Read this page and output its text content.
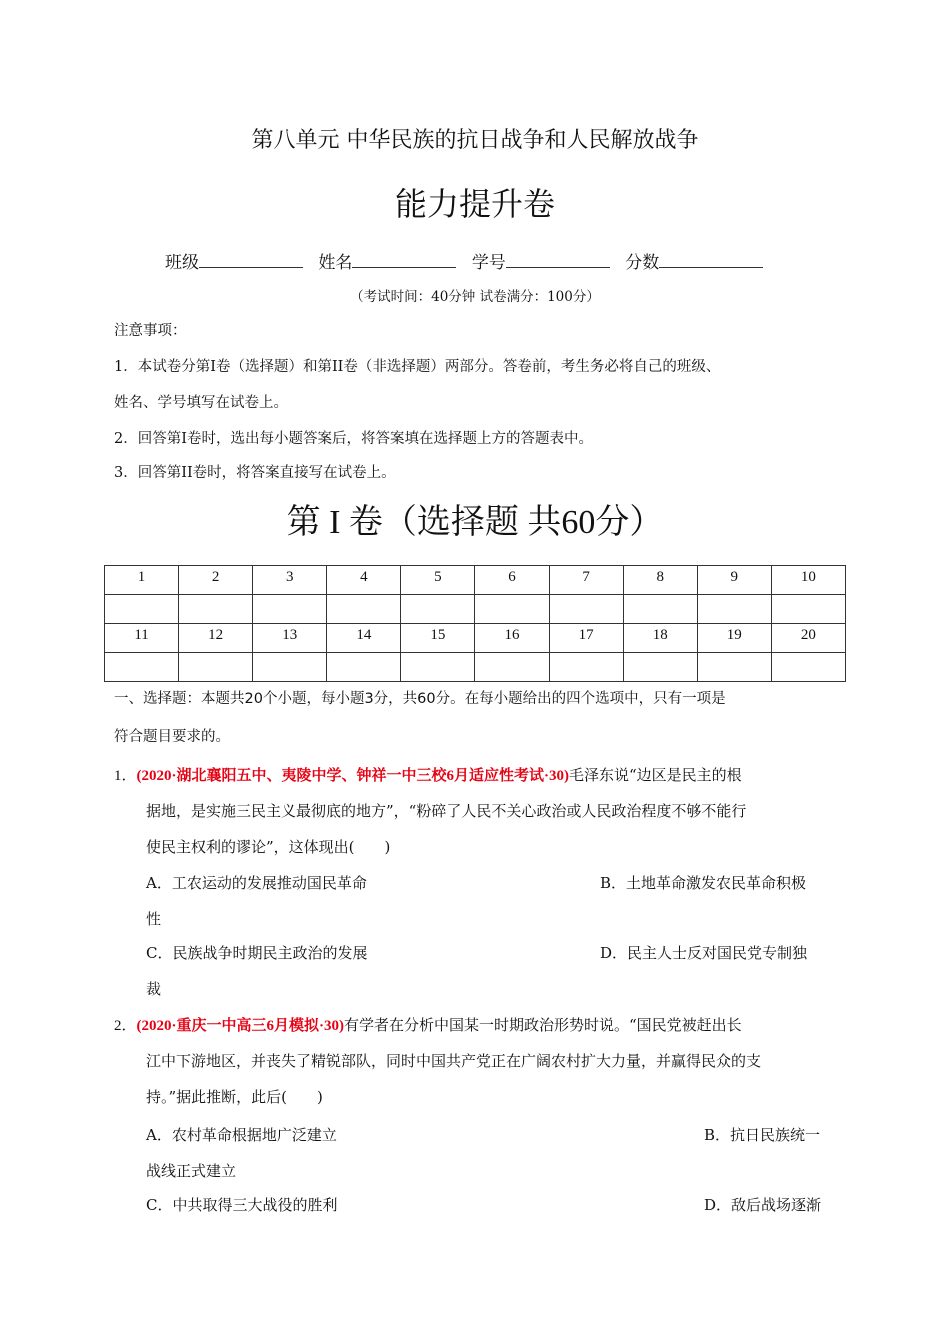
第八单元 中华民族的抗日战争和人民解放战争
能力提升卷
班级	姓名	学号	分数
（考试时间：40分钟 试卷满分：100分）
注意事项：
1．本试卷分第I卷（选择题）和第II卷（非选择题）两部分。答卷前，考生务必将自己的班级、
姓名、学号填写在试卷上。
2．回答第I卷时，选出每小题答案后，将答案填在选择题上方的答题表中。
3．回答第II卷时，将答案直接写在试卷上。
第 I 卷（选择题 共60分）
1	2	3	4	5	6	7	8	9	10

11	12	13	14	15	16	17	18	19	20

一、选择题：本题共20个小题，每小题3分，共60分。在每小题给出的四个选项中，只有一项是
符合题目要求的。
1．(2020·湖北襄阳五中、夷陵中学、钟祥一中三校6月适应性考试·30)毛泽东说“边区是民主的根
据地，是实施三民主义最彻底的地方”，“粉碎了人民不关心政治或人民政治程度不够不能行
使民主权利的谬论”，这体现出(　　)
A．工农运动的发展推动国民革命	B．土地革命激发农民革命积极
性
C．民族战争时期民主政治的发展	D．民主人士反对国民党专制独
裁
2．(2020·重庆一中高三6月模拟·30)有学者在分析中国某一时期政治形势时说。“国民党被赶出长
江中下游地区，并丧失了精锐部队，同时中国共产党正在广阔农村扩大力量，并赢得民众的支
持。”据此推断，此后(　　)
A．农村革命根据地广泛建立	B．抗日民族统一
战线正式建立
C．中共取得三大战役的胜利	D．敌后战场逐渐
